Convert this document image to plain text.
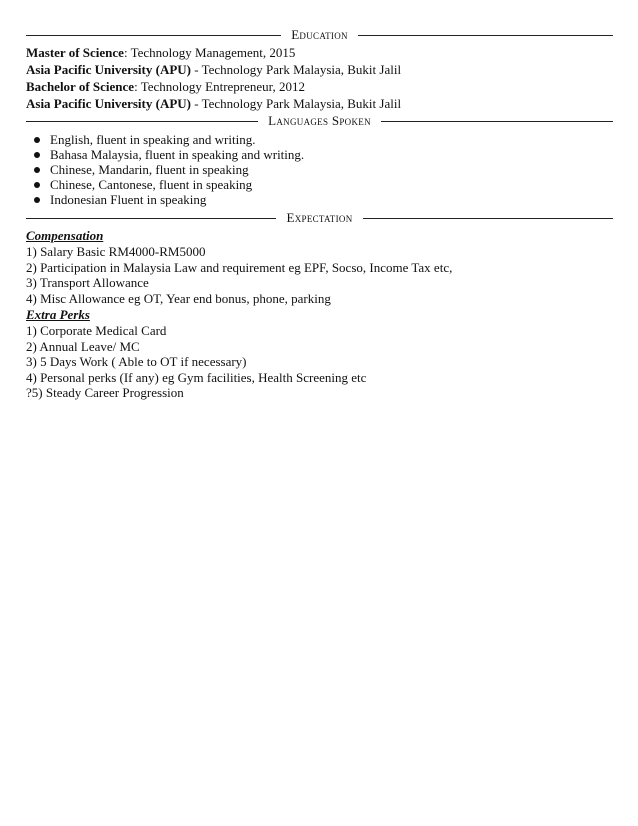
Education
Master of Science: Technology Management, 2015
Asia Pacific University (APU) - Technology Park Malaysia, Bukit Jalil
Bachelor of Science: Technology Entrepreneur, 2012
Asia Pacific University (APU) - Technology Park Malaysia, Bukit Jalil
Languages Spoken
English, fluent in speaking and writing.
Bahasa Malaysia, fluent in speaking and writing.
Chinese, Mandarin, fluent in speaking
Chinese, Cantonese, fluent in speaking
Indonesian Fluent in speaking
Expectation
Compensation
1) Salary Basic RM4000-RM5000
2) Participation in Malaysia Law and requirement eg EPF, Socso, Income Tax etc,
3) Transport Allowance
4) Misc Allowance eg OT, Year end bonus, phone, parking
Extra Perks
1) Corporate Medical Card
2) Annual Leave/ MC
3) 5 Days Work ( Able to OT if necessary)
4) Personal perks (If any) eg Gym facilities, Health Screening etc
?5) Steady Career Progression
